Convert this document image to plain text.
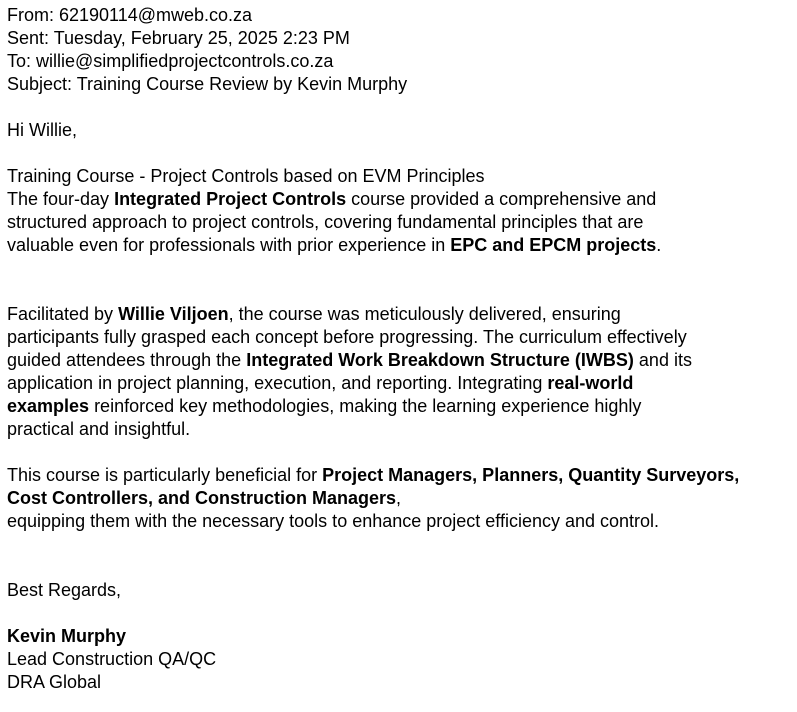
From: 62190114@mweb.co.za
Sent: Tuesday, February 25, 2025 2:23 PM
To: willie@simplifiedprojectcontrols.co.za
Subject: Training Course Review by Kevin Murphy
Hi Willie,
Training Course - Project Controls based on EVM Principles
The four-day Integrated Project Controls course provided a comprehensive and
structured approach to project controls, covering fundamental principles that are
valuable even for professionals with prior experience in EPC and EPCM projects.
Facilitated by Willie Viljoen, the course was meticulously delivered, ensuring
participants fully grasped each concept before progressing. The curriculum effectively
guided attendees through the Integrated Work Breakdown Structure (IWBS) and its
application in project planning, execution, and reporting. Integrating real-world
examples reinforced key methodologies, making the learning experience highly
practical and insightful.
This course is particularly beneficial for Project Managers, Planners, Quantity Surveyors,
Cost Controllers, and Construction Managers,
equipping them with the necessary tools to enhance project efficiency and control.
Best Regards,
Kevin Murphy
Lead Construction QA/QC
DRA Global
